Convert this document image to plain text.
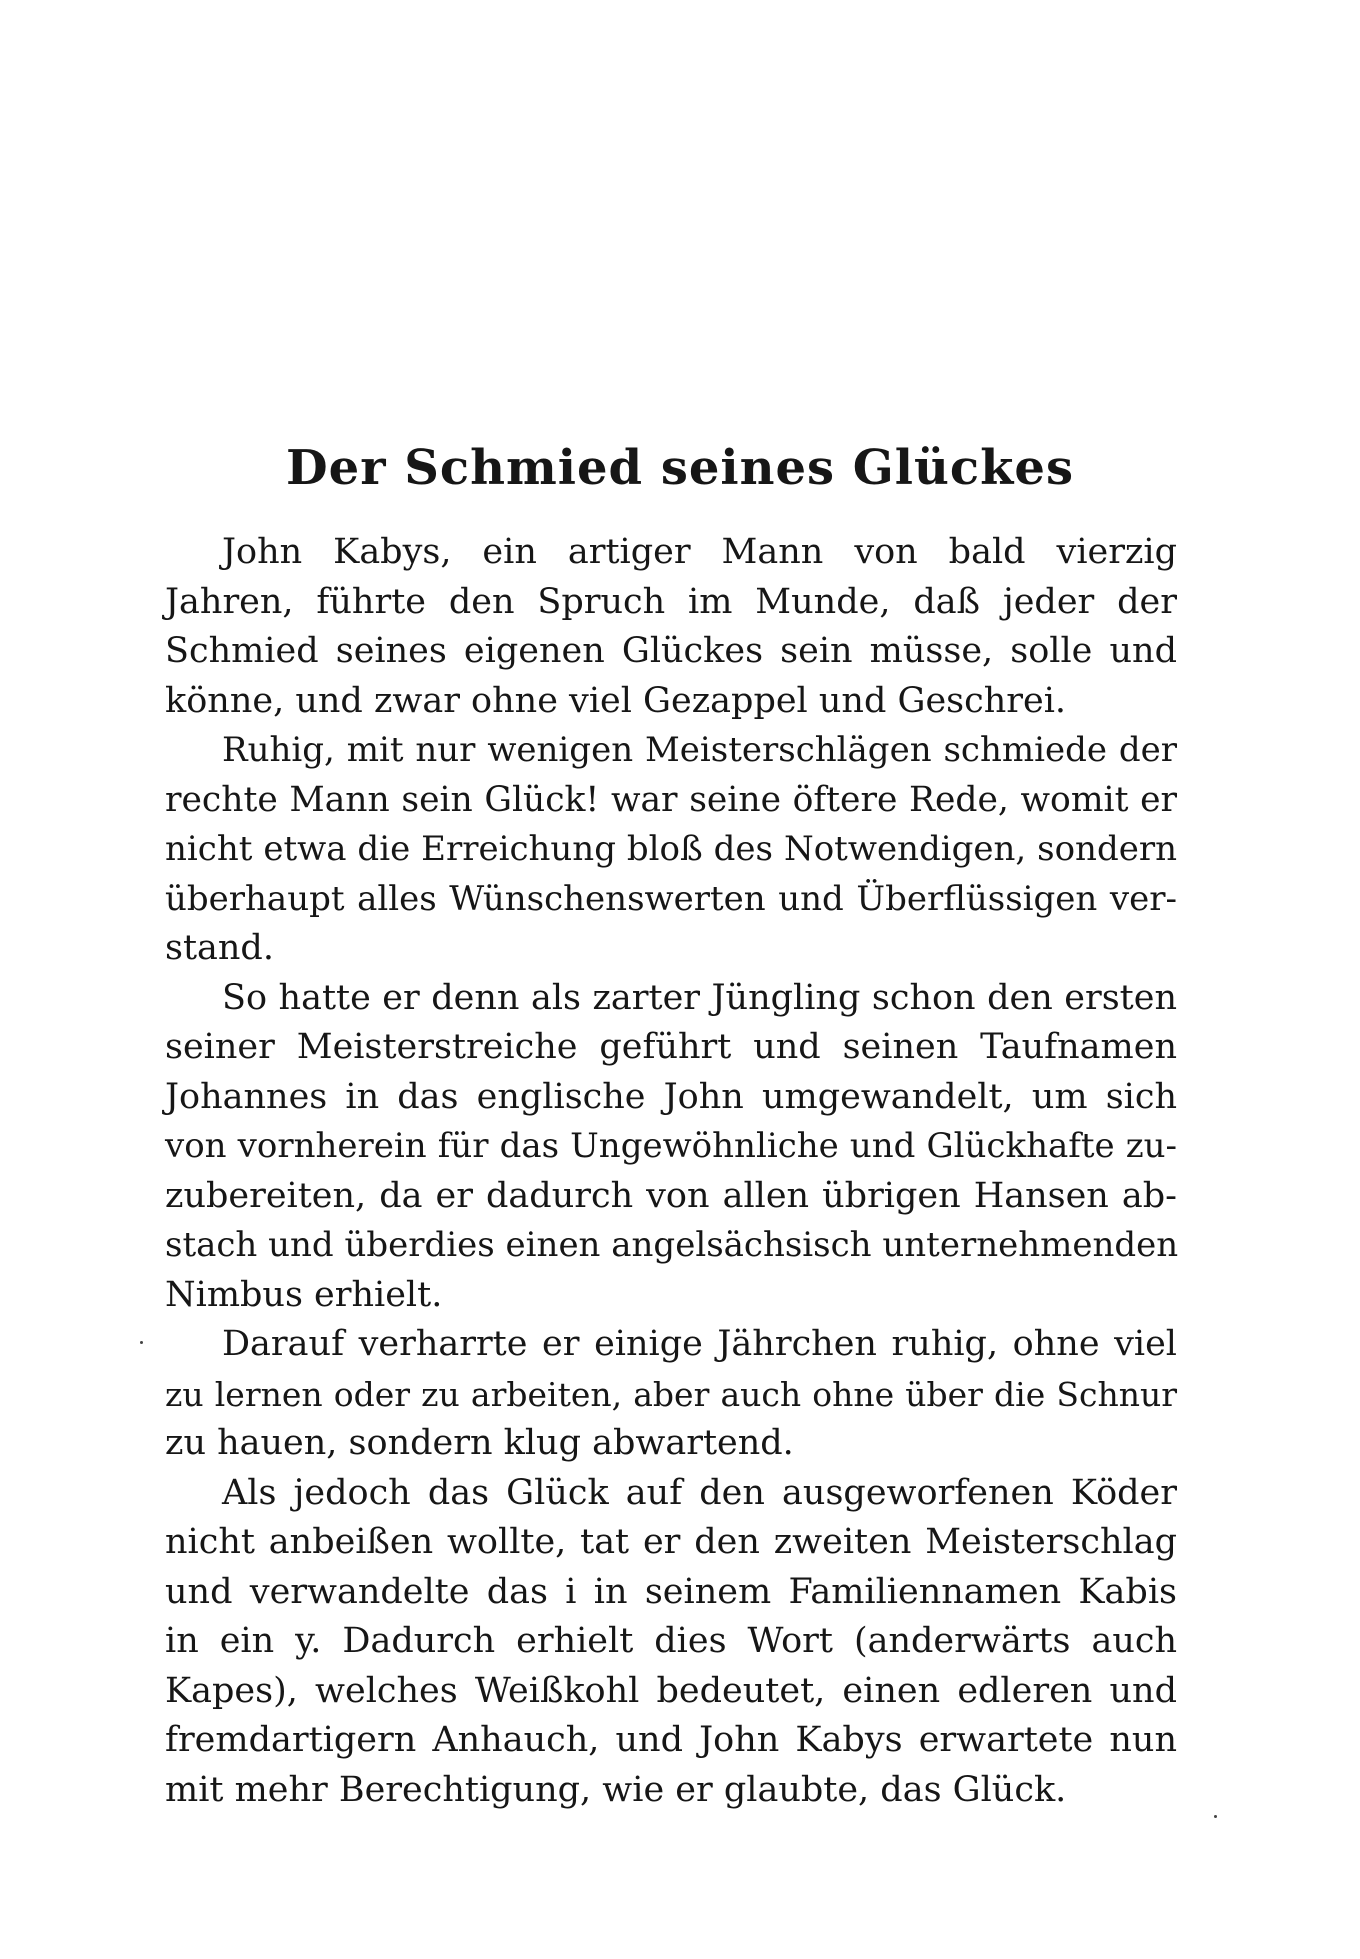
Der Schmied seines Glückes
John Kabys, ein artiger Mann von bald vierzig
Jahren, führte den Spruch im Munde, daß jeder der
Schmied seines eigenen Glückes sein müsse, solle und
könne, und zwar ohne viel Gezappel und Geschrei.
Ruhig, mit nur wenigen Meisterschlägen schmiede der
rechte Mann sein Glück! war seine öftere Rede, womit er
nicht etwa die Erreichung bloß des Notwendigen, sondern
überhaupt alles Wünschenswerten und Überflüssigen ver-
stand.
So hatte er denn als zarter Jüngling schon den ersten
seiner Meisterstreiche geführt und seinen Taufnamen
Johannes in das englische John umgewandelt, um sich
von vornherein für das Ungewöhnliche und Glückhafte zu-
zubereiten, da er dadurch von allen übrigen Hansen ab-
stach und überdies einen angelsächsisch unternehmenden
Nimbus erhielt.
Darauf verharrte er einige Jährchen ruhig, ohne viel
zu lernen oder zu arbeiten, aber auch ohne über die Schnur
zu hauen, sondern klug abwartend.
Als jedoch das Glück auf den ausgeworfenen Köder
nicht anbeißen wollte, tat er den zweiten Meisterschlag
und verwandelte das i in seinem Familiennamen Kabis
in ein y. Dadurch erhielt dies Wort (anderwärts auch
Kapes), welches Weißkohl bedeutet, einen edleren und
fremdartigern Anhauch, und John Kabys erwartete nun
mit mehr Berechtigung, wie er glaubte, das Glück.
